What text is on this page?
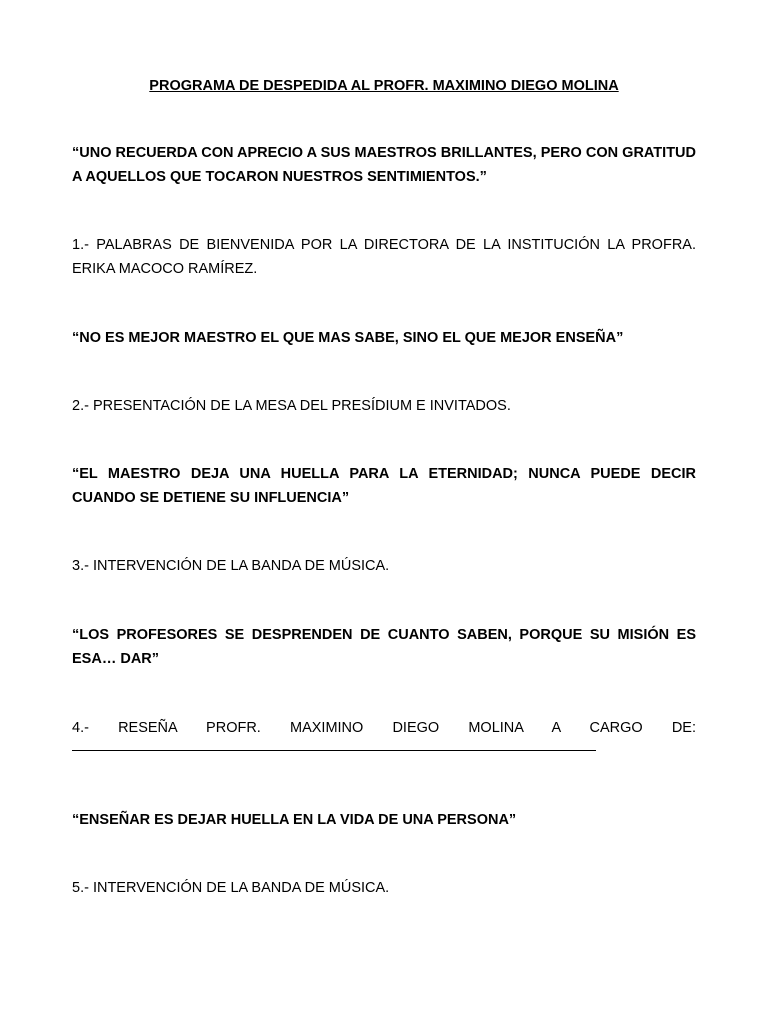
PROGRAMA DE DESPEDIDA AL PROFR. MAXIMINO DIEGO MOLINA
“UNO RECUERDA CON APRECIO A SUS MAESTROS BRILLANTES, PERO CON GRATITUD A AQUELLOS QUE TOCARON NUESTROS SENTIMIENTOS.”
1.- PALABRAS DE BIENVENIDA POR LA DIRECTORA DE LA INSTITUCIÓN LA PROFRA. ERIKA MACOCO RAMÍREZ.
“NO ES MEJOR MAESTRO EL QUE MAS SABE, SINO EL QUE MEJOR ENSEÑA”
2.- PRESENTACIÓN DE LA MESA DEL PRESÍDIUM E INVITADOS.
“EL MAESTRO DEJA UNA HUELLA PARA LA ETERNIDAD; NUNCA PUEDE DECIR CUANDO SE DETIENE SU INFLUENCIA”
3.- INTERVENCIÓN DE LA BANDA DE MÚSICA.
“LOS PROFESORES SE DESPRENDEN DE CUANTO SABEN, PORQUE SU MISIÓN ES ESA… DAR”
4.- RESEÑA PROFR. MAXIMINO DIEGO MOLINA A CARGO DE:
“ENSEÑAR ES DEJAR HUELLA EN LA VIDA DE UNA PERSONA”
5.- INTERVENCIÓN DE LA BANDA DE MÚSICA.
